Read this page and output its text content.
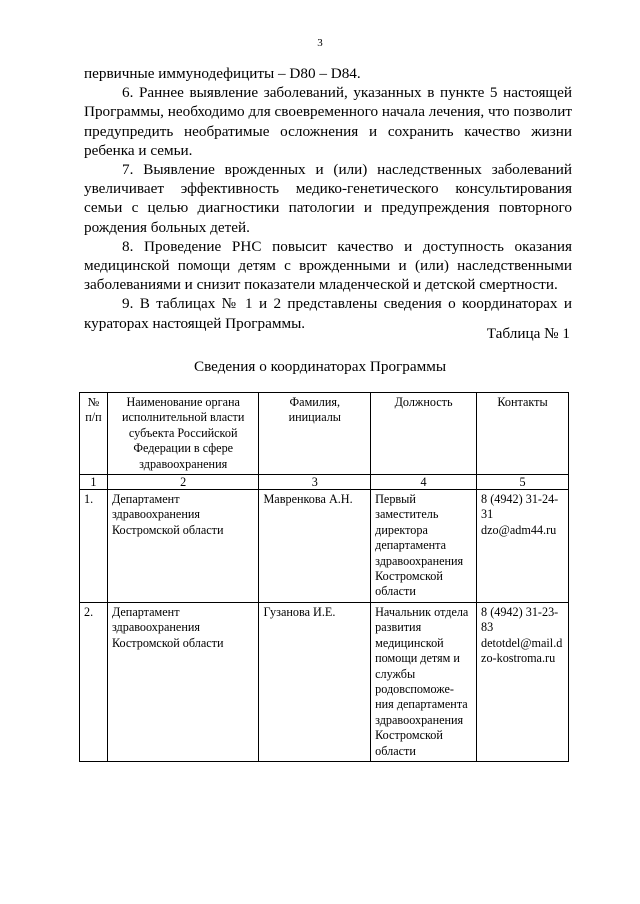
3

первичные иммунодефициты – D80 – D84.

6. Раннее выявление заболеваний, указанных в пункте 5 настоящей Программы, необходимо для своевременного начала лечения, что позволит предупредить необратимые осложнения и сохранить качество жизни ребенка и семьи.

7. Выявление врожденных и (или) наследственных заболеваний увеличивает эффективность медико-генетического консультирования семьи с целью диагностики патологии и предупреждения повторного рождения больных детей.

8. Проведение РНС повысит качество и доступность оказания медицинской помощи детям с врожденными и (или) наследственными заболеваниями и снизит показатели младенческой и детской смертности.

9. В таблицах № 1 и 2 представлены сведения о координаторах и кураторах настоящей Программы.

Таблица № 1
Сведения о координаторах Программы
№ п/п	Наименование органа исполнительной власти субъекта Российской Федерации в сфере здравоохранения	Фамилия, инициалы	Должность	Контакты
1	2	3	4	5
1.	Департамент здравоохранения Костромской области	Мавренкова А.Н.	Первый заместитель директора департамента здравоохранения Костромской области	8 (4942) 31-24-31
dzo@adm44.ru

2.	Департамент здравоохранения Костромской области	Гузанова И.Е.	Начальник отдела развития медицинской помощи детям и службы родовспоможе-ния департамента здравоохранения Костромской области	8 (4942) 31-23-83
detotdel@mail.dzo-kostroma.ru
